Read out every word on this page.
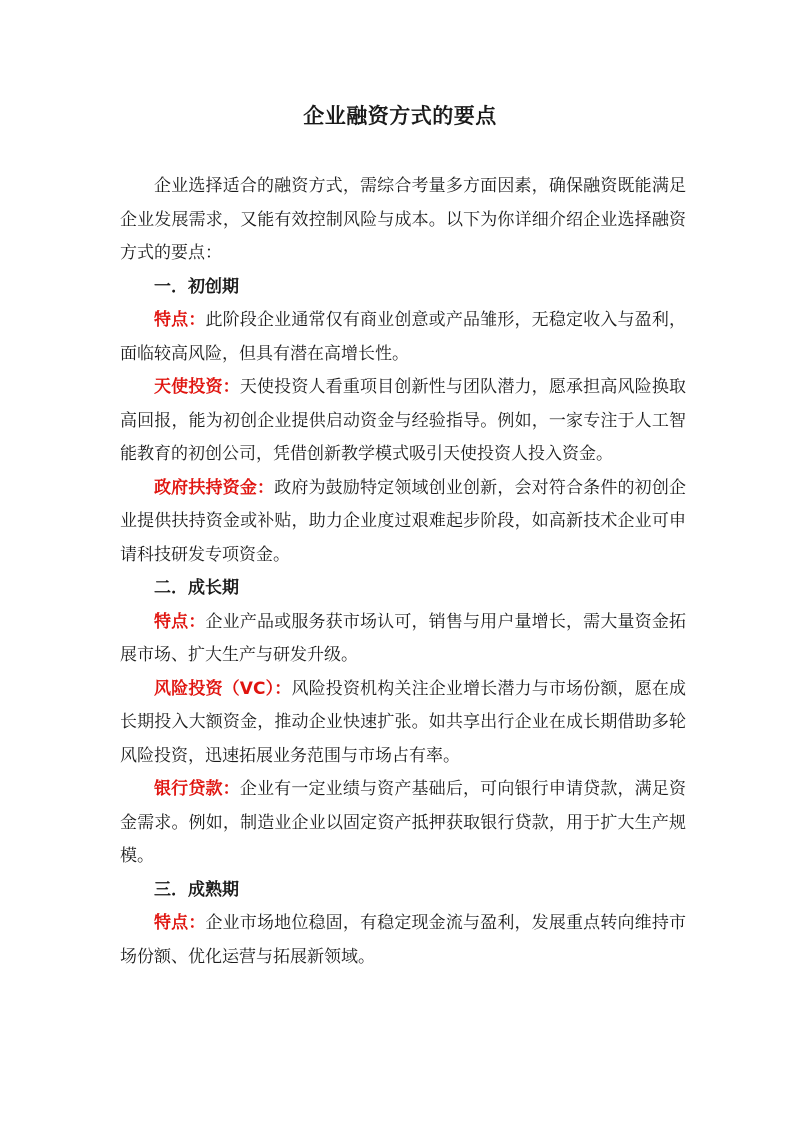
企业融资方式的要点

企业选择适合的融资方式，需综合考量多方面因素，确保融资既能满足企业发展需求，又能有效控制风险与成本。以下为你详细介绍企业选择融资方式的要点：

一．初创期

特点：此阶段企业通常仅有商业创意或产品雏形，无稳定收入与盈利，面临较高风险，但具有潜在高增长性。

天使投资：天使投资人看重项目创新性与团队潜力，愿承担高风险换取高回报，能为初创企业提供启动资金与经验指导。例如，一家专注于人工智能教育的初创公司，凭借创新教学模式吸引天使投资人投入资金。

政府扶持资金：政府为鼓励特定领域创业创新，会对符合条件的初创企业提供扶持资金或补贴，助力企业度过艰难起步阶段，如高新技术企业可申请科技研发专项资金。

二．成长期

特点：企业产品或服务获市场认可，销售与用户量增长，需大量资金拓展市场、扩大生产与研发升级。

风险投资（VC）：风险投资机构关注企业增长潜力与市场份额，愿在成长期投入大额资金，推动企业快速扩张。如共享出行企业在成长期借助多轮风险投资，迅速拓展业务范围与市场占有率。

银行贷款：企业有一定业绩与资产基础后，可向银行申请贷款，满足资金需求。例如，制造业企业以固定资产抵押获取银行贷款，用于扩大生产规模。

三．成熟期

特点：企业市场地位稳固，有稳定现金流与盈利，发展重点转向维持市场份额、优化运营与拓展新领域。
